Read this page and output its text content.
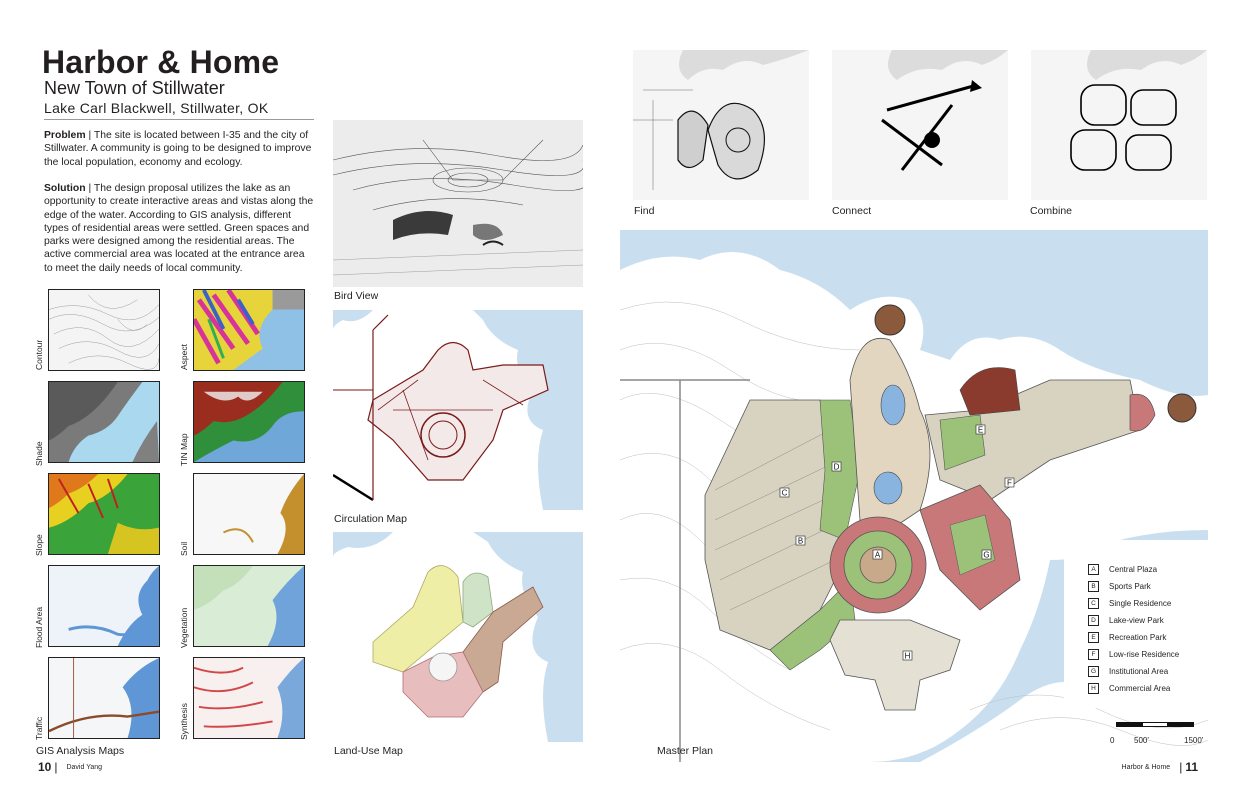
Harbor & Home
New Town of Stillwater
Lake Carl Blackwell, Stillwater, OK
Problem | The site is located between I-35 and the city of Stillwater. A community is going to be designed to improve the local population, economy and ecology.
Solution | The design proposal utilizes the lake as an opportunity to create interactive areas and vistas along the edge of the water. According to GIS analysis, different types of residential areas were settled. Green spaces and parks were designed among the residential areas. The active commercial area was located at the entrance area to meet the daily needs of local community.
Contour
Shade
Slope
Flood Area
Traffic
Aspect
TIN Map
Soil
Vegetation
Synthesis
GIS Analysis Maps
Bird View
Circulation Map
Land-Use Map
10 | David Yang
Find	Connect	Combine
A
B
C
D
E
F
G
H
A	Central Plaza
B	Sports Park
C	Single Residence
D	Lake-view Park
E	Recreation Park
F	Low-rise Residence
G	Institutional Area
H	Commercial Area
0 500'	1500'
Master Plan
Harbor & Home | 11
